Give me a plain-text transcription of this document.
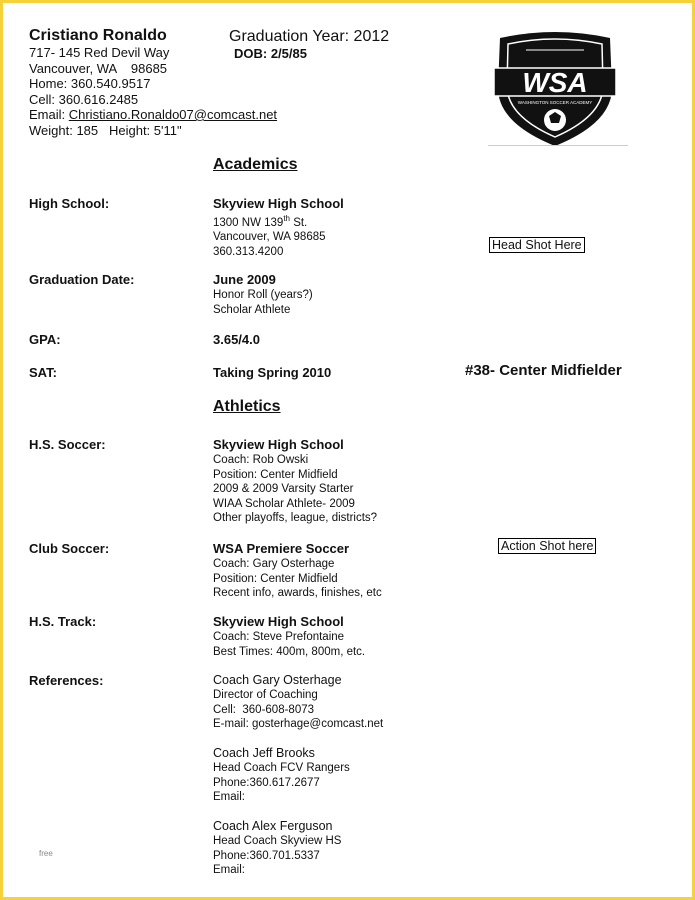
Cristiano Ronaldo	Graduation Year: 2012
DOB: 2/5/85
717- 145 Red Devil Way
Vancouver, WA    98685
Home: 360.540.9517
Cell: 360.616.2485
Email: Christiano.Ronaldo07@comcast.net
Weight: 185   Height: 5'11"
WSA
WASHINGTON SOCCER ACADEMY
Academics
High School:	Skyview High School
1300 NW 139th St.
Vancouver, WA 98685
360.313.4200
Head Shot Here
Graduation Date:	June 2009
Honor Roll (years?)
Scholar Athlete
GPA:	3.65/4.0
SAT:	Taking Spring 2010	#38- Center Midfielder
Athletics
H.S. Soccer:	Skyview High School
Coach: Rob Owski
Position: Center Midfield
2009 & 2009 Varsity Starter
WIAA Scholar Athlete- 2009
Other playoffs, league, districts?
Club Soccer:	WSA Premiere Soccer
Coach: Gary Osterhage
Position: Center Midfield
Recent info, awards, finishes, etc
Action Shot here
H.S. Track:	Skyview High School
Coach: Steve Prefontaine
Best Times: 400m, 800m, etc.
References:	Coach Gary Osterhage
Director of Coaching
Cell:  360-608-8073
E-mail: gosterhage@comcast.net
Coach Jeff Brooks
Head Coach FCV Rangers
Phone:360.617.2677
Email:
Coach Alex Ferguson
Head Coach Skyview HS
Phone:360.701.5337
Email:
free
